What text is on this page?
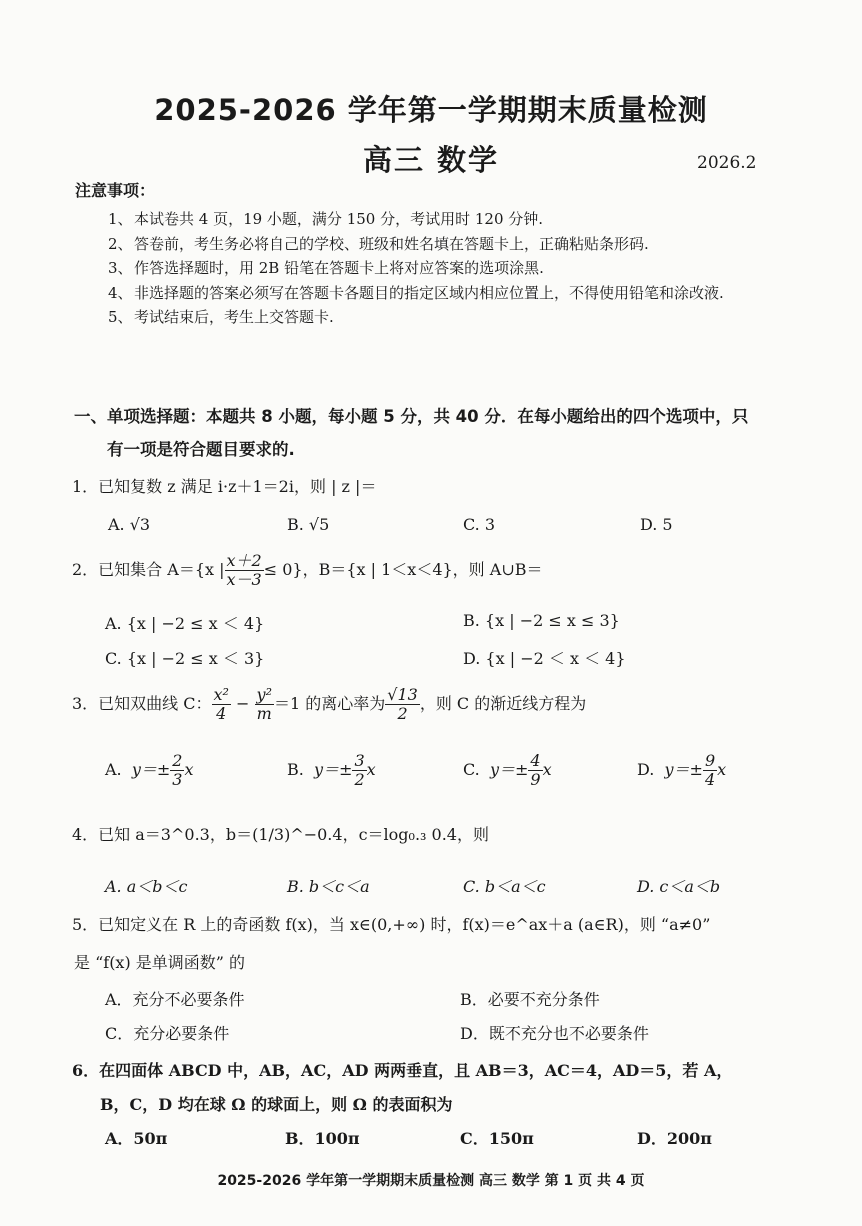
2025-2026 学年第一学期期末质量检测
高三 数学	2026.2
注意事项：
1、 本试卷共 4 页，19 小题，满分 150 分，考试用时 120 分钟.
2、 答卷前，考生务必将自己的学校、班级和姓名填在答题卡上，正确粘贴条形码.
3、 作答选择题时，用 2B 铅笔在答题卡上将对应答案的选项涂黑.
4、 非选择题的答案必须写在答题卡各题目的指定区域内相应位置上，不得使用铅笔和涂改液.
5、 考试结束后，考生上交答题卡.
一、单项选择题：本题共 8 小题，每小题 5 分，共 40 分．在每小题给出的四个选项中，只
有一项是符合题目要求的.
1．已知复数 z 满足 i·z＋1＝2i，则 | z |＝
A. √3	B. √5	C. 3	D. 5
2．已知集合 A＝{x | $\frac{x+2}{x-3} \le 0$}，B＝{x | 1＜x＜4}，则 A∪B＝
A. {x | −2 ≤ x ＜ 4}	B. {x | −2 ≤ x ≤ 3}
C. {x | −2 ≤ x ＜ 3}	D. {x | −2 ＜ x ＜ 4}
3．已知双曲线 C： $\frac{\text{x²}}{4} - \frac{\text{y²}}{m} =1$ 的离心率为 $\frac{√13}{2}$ ，则 C 的渐近线方程为
A. $y=\pm \frac{2}{3}$ x	B. $y=\pm \frac{3}{2}$ x	C. $y=\pm \frac{4}{9}$ x	D. $y=\pm \frac{9}{4}$ x
4．已知 a＝3^0.3，b＝(1/3)^−0.4，c＝log₀.₃ 0.4，则
A. a＜b＜c	B. b＜c＜a	C. b＜a＜c	D. c＜a＜b
5．已知定义在 R 上的奇函数 f(x)，当 x∈(0,+∞) 时，f(x)＝e^ax＋a (a∈R)，则 “a≠0”
是 “f(x) 是单调函数” 的
A．充分不必要条件	B．必要不充分条件
C．充分必要条件	D．既不充分也不必要条件
6．在四面体 ABCD 中，AB，AC，AD 两两垂直，且 AB＝3，AC＝4，AD＝5，若 A，
B，C，D 均在球 Ω 的球面上，则 Ω 的表面积为
A．50π	B．100π	C．150π	D．200π
2025-2026 学年第一学期期末质量检测 高三 数学 第 1 页 共 4 页
